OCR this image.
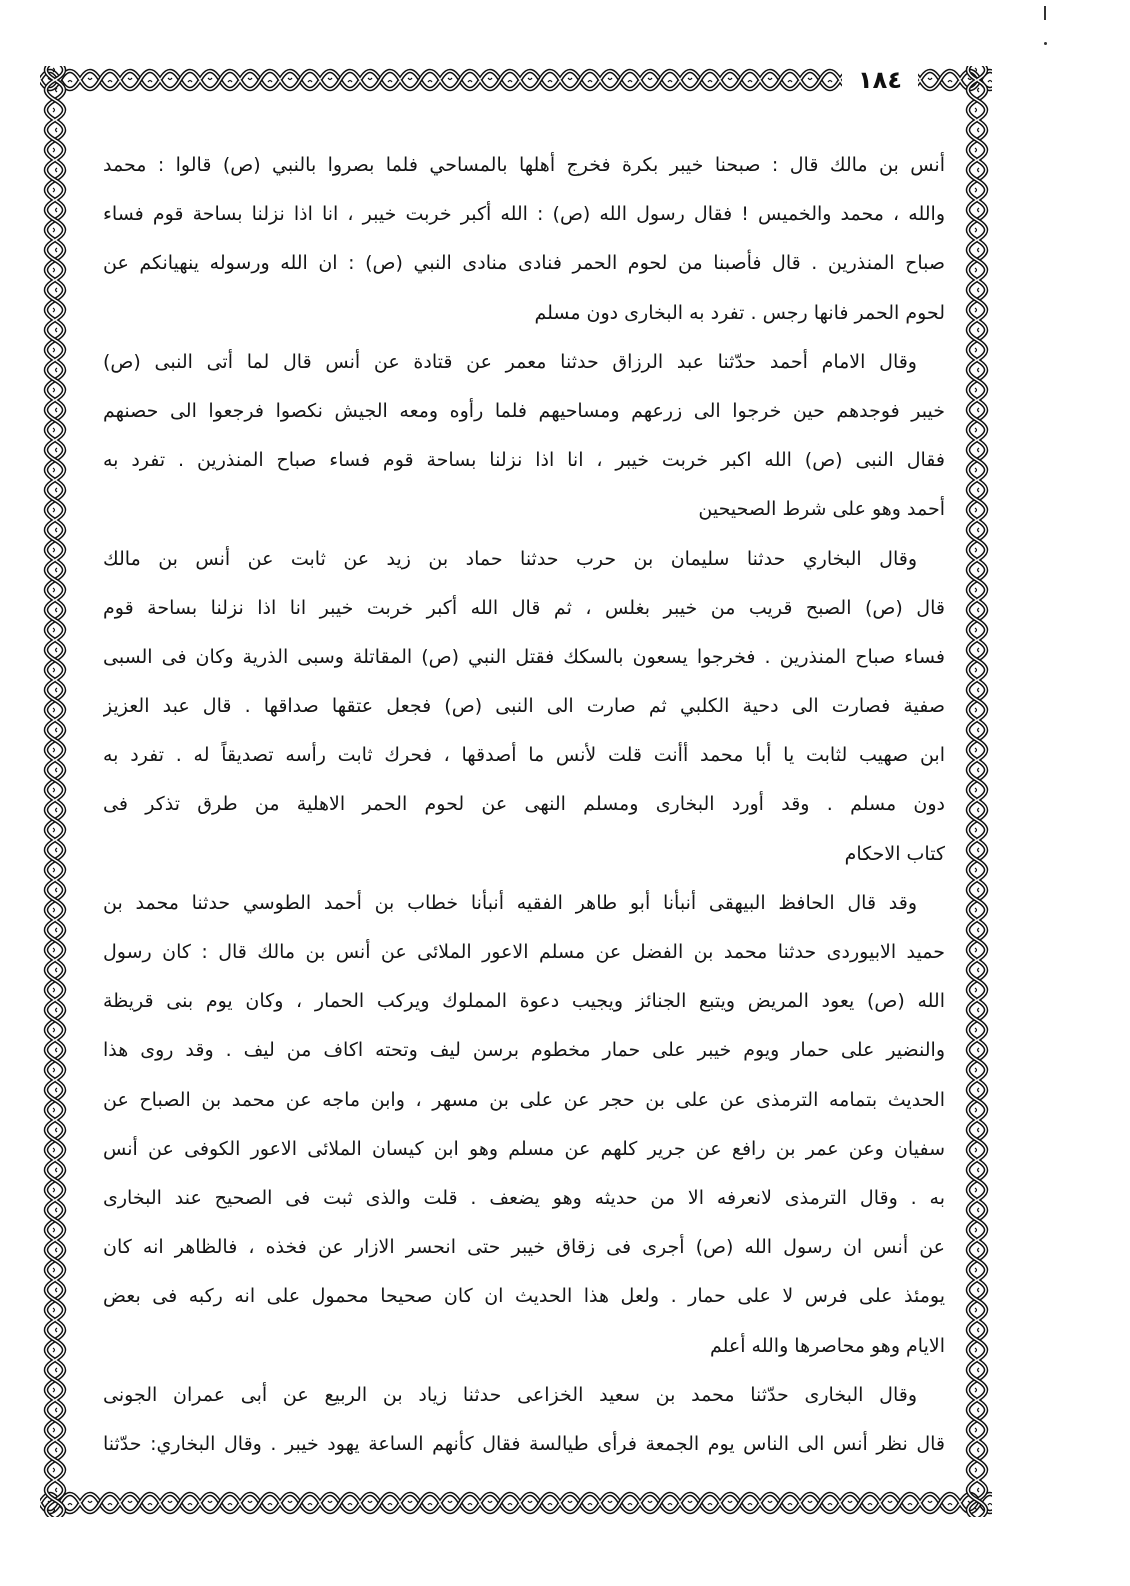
١٨٤
أنس بن مالك قال : صبحنا خيبر بكرة فخرج أهلها بالمساحي فلما بصروا بالنبي (ص) قالوا : محمد
والله ، محمد والخميس ! فقال رسول الله (ص) : الله أكبر خربت خيبر ، انا اذا نزلنا بساحة قوم فساء
صباح المنذرين . قال فأصبنا من لحوم الحمر فنادى منادى النبي (ص) : ان الله ورسوله ينهيانكم عن
لحوم الحمر فانها رجس . تفرد به البخارى دون مسلم
وقال الامام أحمد حدّثنا عبد الرزاق حدثنا معمر عن قتادة عن أنس قال لما أتى النبى (ص)
خيبر فوجدهم حين خرجوا الى زرعهم ومساحيهم فلما رأوه ومعه الجيش نكصوا فرجعوا الى حصنهم
فقال النبى (ص) الله اكبر خربت خيبر ، انا اذا نزلنا بساحة قوم فساء صباح المنذرين . تفرد به
أحمد وهو على شرط الصحيحين
وقال البخاري حدثنا سليمان بن حرب حدثنا حماد بن زيد عن ثابت عن أنس بن مالك
قال (ص) الصبح قريب من خيبر بغلس ، ثم قال الله أكبر خربت خيبر انا اذا نزلنا بساحة قوم
فساء صباح المنذرين . فخرجوا يسعون بالسكك فقتل النبي (ص) المقاتلة وسبى الذرية وكان فى السبى
صفية فصارت الى دحية الكلبي ثم صارت الى النبى (ص) فجعل عتقها صداقها . قال عبد العزيز
ابن صهيب لثابت يا أبا محمد أأنت قلت لأنس ما أصدقها ، فحرك ثابت رأسه تصديقاً له . تفرد به
دون مسلم . وقد أورد البخارى ومسلم النهى عن لحوم الحمر الاهلية من طرق تذكر فى
كتاب الاحكام
وقد قال الحافظ البيهقى أنبأنا أبو طاهر الفقيه أنبأنا خطاب بن أحمد الطوسي حدثنا محمد بن
حميد الابيوردى حدثنا محمد بن الفضل عن مسلم الاعور الملائى عن أنس بن مالك قال : كان رسول
الله (ص) يعود المريض ويتبع الجنائز ويجيب دعوة المملوك ويركب الحمار ، وكان يوم بنى قريظة
والنضير على حمار ويوم خيبر على حمار مخطوم برسن ليف وتحته اكاف من ليف . وقد روى هذا
الحديث بتمامه الترمذى عن على بن حجر عن على بن مسهر ، وابن ماجه عن محمد بن الصباح عن
سفيان وعن عمر بن رافع عن جرير كلهم عن مسلم وهو ابن كيسان الملائى الاعور الكوفى عن أنس
به . وقال الترمذى لانعرفه الا من حديثه وهو يضعف . قلت والذى ثبت فى الصحيح عند البخارى
عن أنس ان رسول الله (ص) أجرى فى زقاق خيبر حتى انحسر الازار عن فخذه ، فالظاهر انه كان
يومئذ على فرس لا على حمار . ولعل هذا الحديث ان كان صحيحا محمول على انه ركبه فى بعض
الايام وهو محاصرها والله أعلم
وقال البخارى حدّثنا محمد بن سعيد الخزاعى حدثنا زياد بن الربيع عن أبى عمران الجونى
قال نظر أنس الى الناس يوم الجمعة فرأى طيالسة فقال كأنهم الساعة يهود خيبر . وقال البخاري: حدّثنا
